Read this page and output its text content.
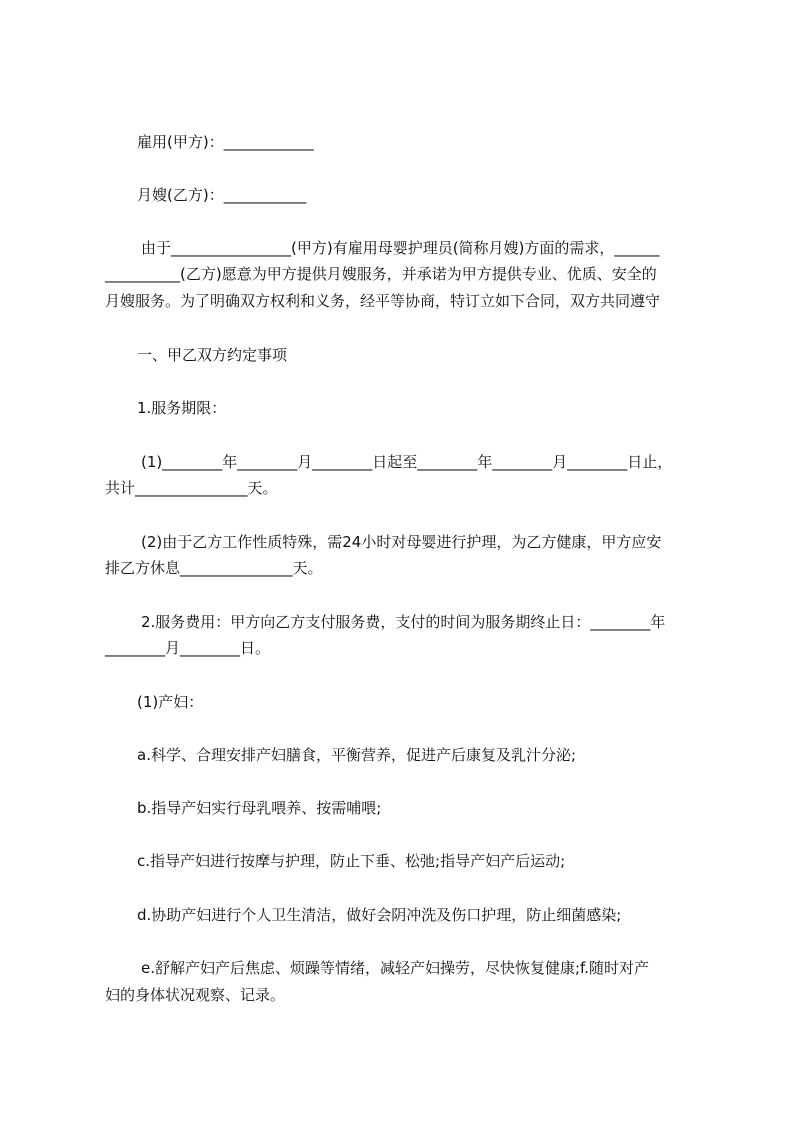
雇用(甲方)：____________
月嫂(乙方)：___________
由于________________(甲方)有雇用母婴护理员(简称月嫂)方面的需求，______
__________(乙方)愿意为甲方提供月嫂服务，并承诺为甲方提供专业、优质、安全的
月嫂服务。为了明确双方权利和义务，经平等协商，特订立如下合同，双方共同遵守
一、甲乙双方约定事项
1.服务期限：
(1)________年________月________日起至________年________月________日止，
共计_______________天。
(2)由于乙方工作性质特殊，需24小时对母婴进行护理，为乙方健康，甲方应安
排乙方休息_______________天。
2.服务费用：甲方向乙方支付服务费，支付的时间为服务期终止日：________年
________月________日。
(1)产妇：
a.科学、合理安排产妇膳食，平衡营养，促进产后康复及乳汁分泌;
b.指导产妇实行母乳喂养、按需哺喂;
c.指导产妇进行按摩与护理，防止下垂、松弛;指导产妇产后运动;
d.协助产妇进行个人卫生清洁，做好会阴冲洗及伤口护理，防止细菌感染;
e.舒解产妇产后焦虑、烦躁等情绪，减轻产妇操劳，尽快恢复健康;f.随时对产
妇的身体状况观察、记录。
